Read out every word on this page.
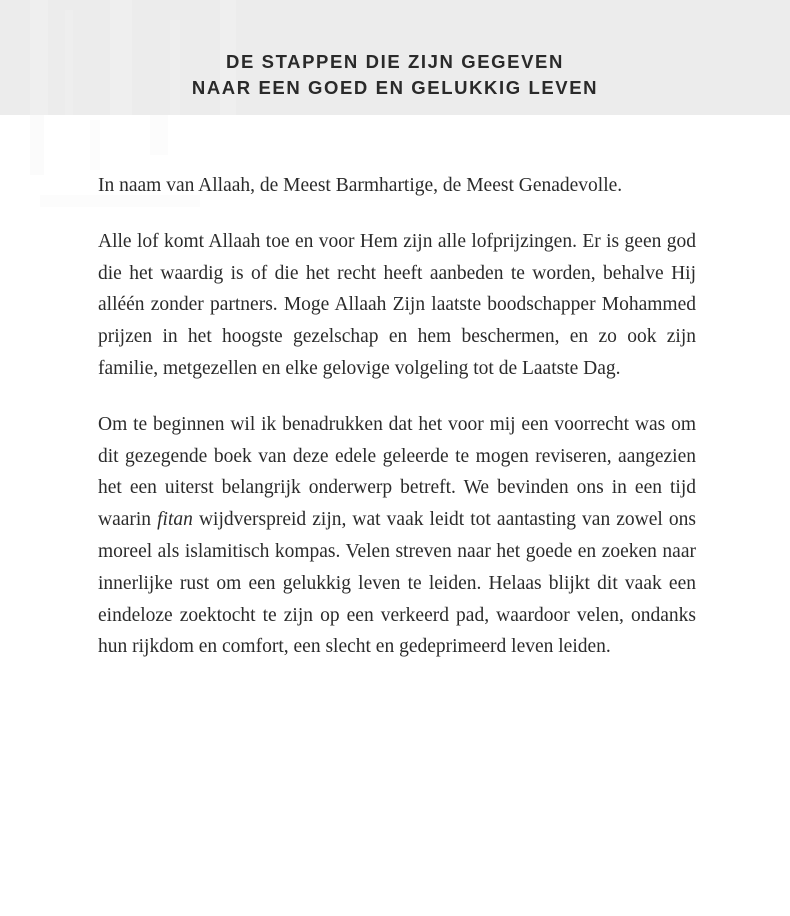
DE STAPPEN DIE ZIJN GEGEVEN
NAAR EEN GOED EN GELUKKIG LEVEN

In naam van Allaah, de Meest Barmhartige, de Meest Genadevolle.

Alle lof komt Allaah toe en voor Hem zijn alle lofprijzingen. Er is geen god die het waardig is of die het recht heeft aanbeden te worden, behalve Hij alléén zonder partners. Moge Allaah Zijn laatste boodschapper Mohammed prijzen in het hoogste gezelschap en hem beschermen, en zo ook zijn familie, metgezellen en elke gelovige volgeling tot de Laatste Dag.

Om te beginnen wil ik benadrukken dat het voor mij een voorrecht was om dit gezegende boek van deze edele geleerde te mogen reviseren, aangezien het een uiterst belangrijk onderwerp betreft. We bevinden ons in een tijd waarin fitan wijdverspreid zijn, wat vaak leidt tot aantasting van zowel ons moreel als islamitisch kompas. Velen streven naar het goede en zoeken naar innerlijke rust om een gelukkig leven te leiden. Helaas blijkt dit vaak een eindeloze zoektocht te zijn op een verkeerd pad, waardoor velen, ondanks hun rijkdom en comfort, een slecht en gedeprimeerd leven leiden.
